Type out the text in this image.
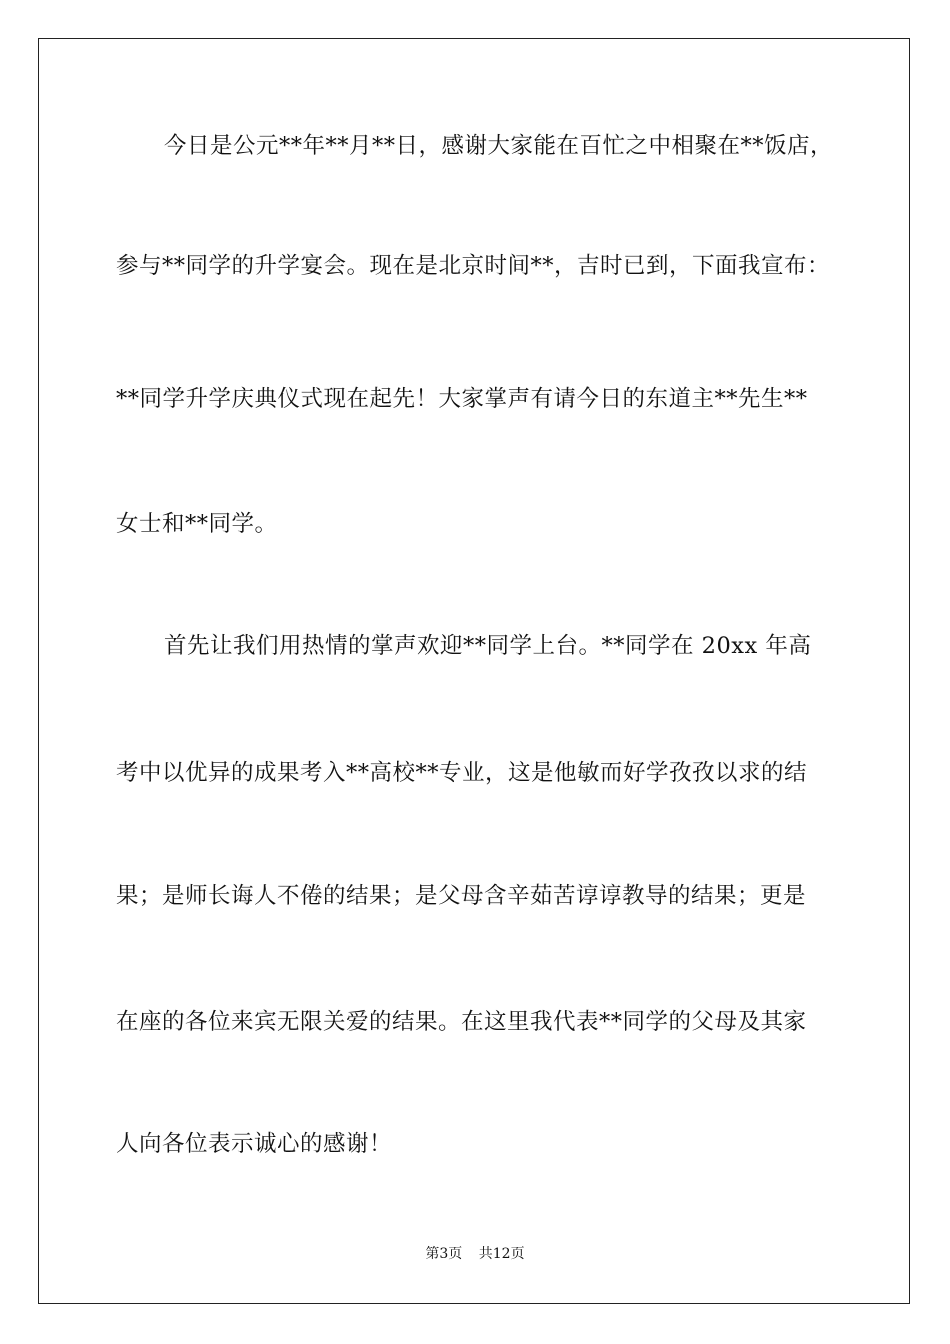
今日是公元**年**月**日，感谢大家能在百忙之中相聚在**饭店，
参与**同学的升学宴会。现在是北京时间**，吉时已到，下面我宣布：
**同学升学庆典仪式现在起先！大家掌声有请今日的东道主**先生**
女士和**同学。
首先让我们用热情的掌声欢迎**同学上台。**同学在 20xx 年高
考中以优异的成果考入**高校**专业，这是他敏而好学孜孜以求的结
果；是师长诲人不倦的结果；是父母含辛茹苦谆谆教导的结果；更是
在座的各位来宾无限关爱的结果。在这里我代表**同学的父母及其家
人向各位表示诚心的感谢！
第3页 共12页
